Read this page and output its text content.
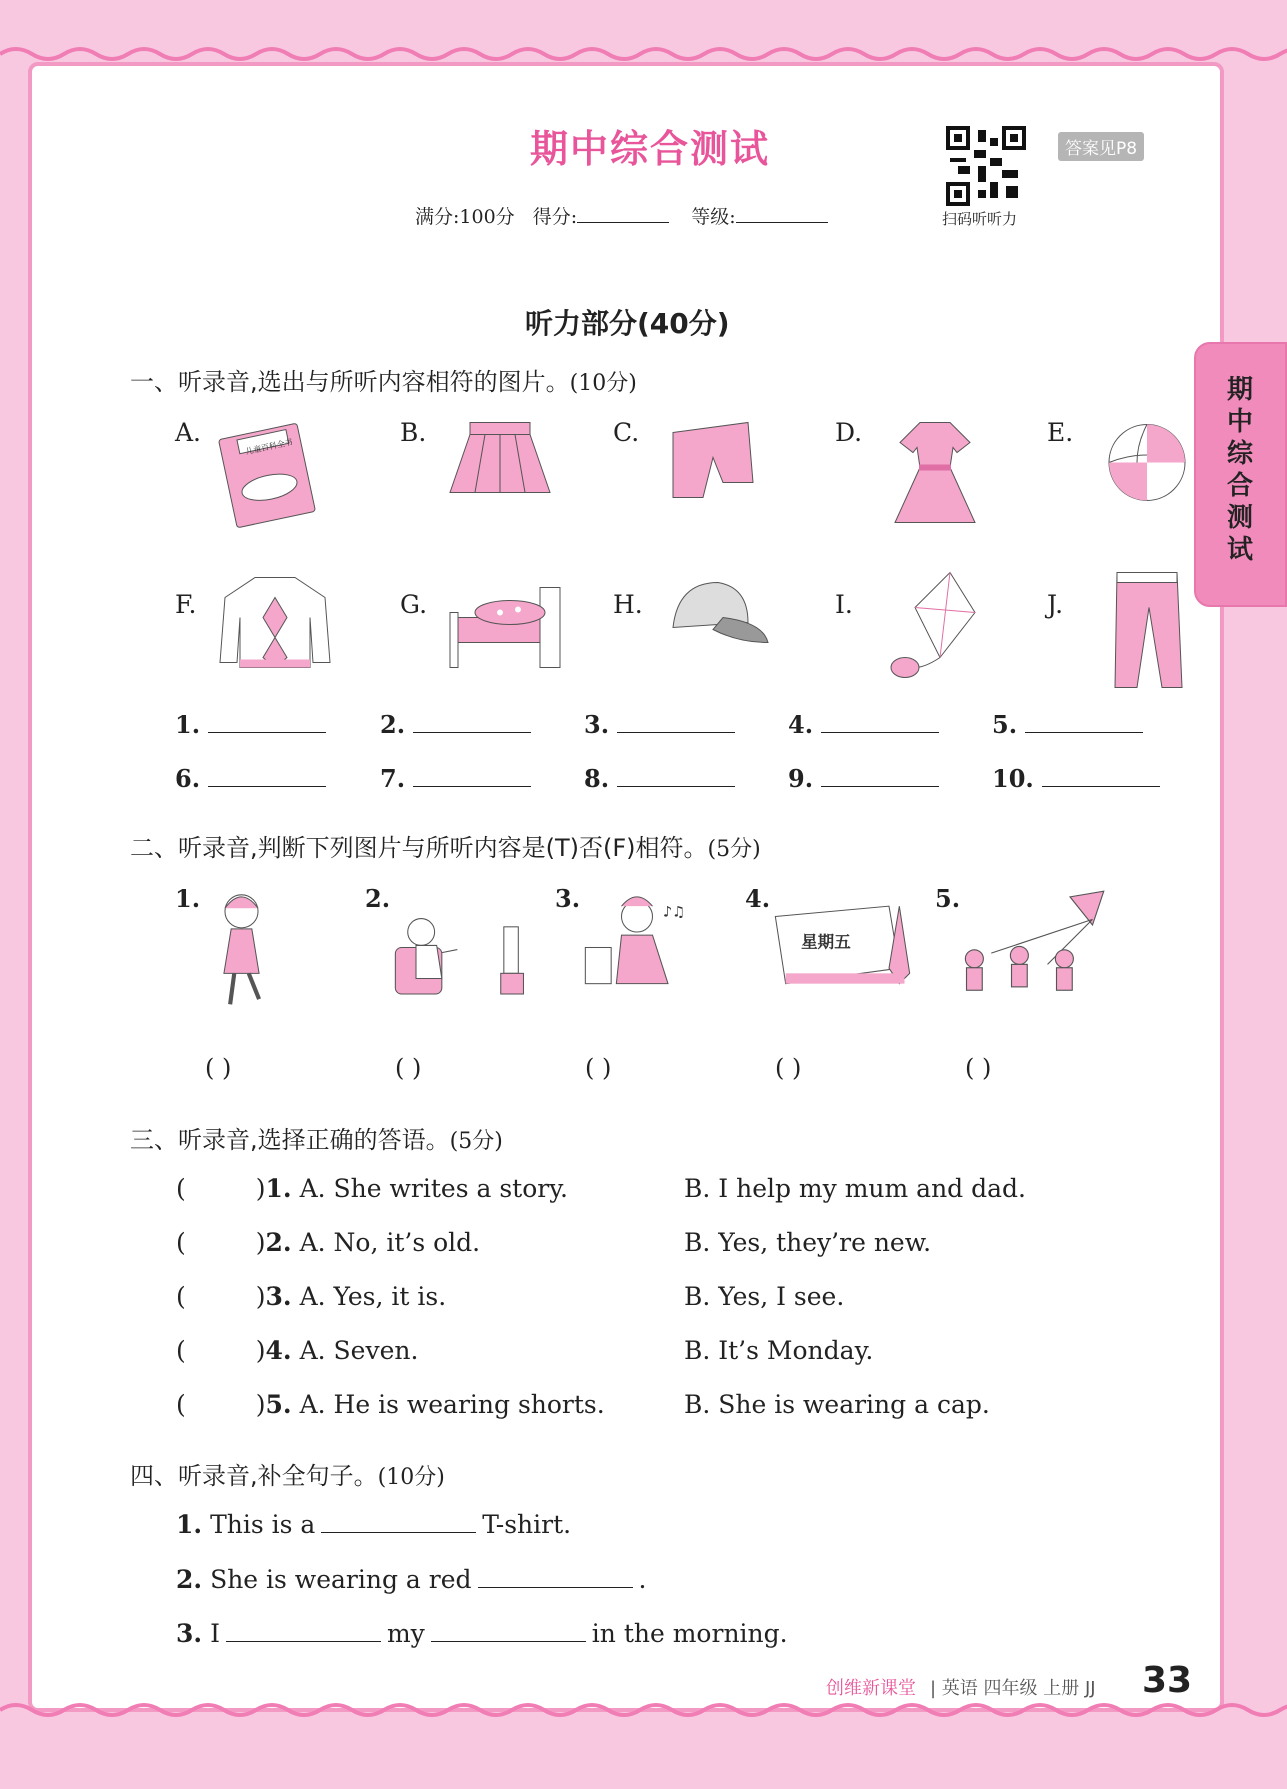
期中综合测试
期中综合测试
满分:100分 得分:	等级:	扫码听听力
答案见P8
听力部分(40分)
一、听录音,选出与所听内容相符的图片。(10分)
二、听录音,判断下列图片与所听内容是(T)否(F)相符。(5分)
三、听录音,选择正确的答语。(5分)
四、听录音,补全句子。(10分)
1. This is a	T-shirt.
2. She is wearing a red	.
3. I	my	in the morning.
创维新课堂 | 英语 四年级 上册 JJ 33
A.	儿童百科全书	B.	C.	D.	E.
F.	G.	H.	I.	J.
1.	2.	3.	4.	5.
6.	7.	8.	9.	10.
1.
( )
2.
( )
3.	♪♫
( )
4.
星期五
( )
5.
( )
(	)1. A. She writes a story.	B. I help my mum and dad.
(	)2. A. No, it’s old.	B. Yes, they’re new.
(	)3. A. Yes, it is.	B. Yes, I see.
(	)4. A. Seven.	B. It’s Monday.
(	)5. A. He is wearing shorts.	B. She is wearing a cap.
